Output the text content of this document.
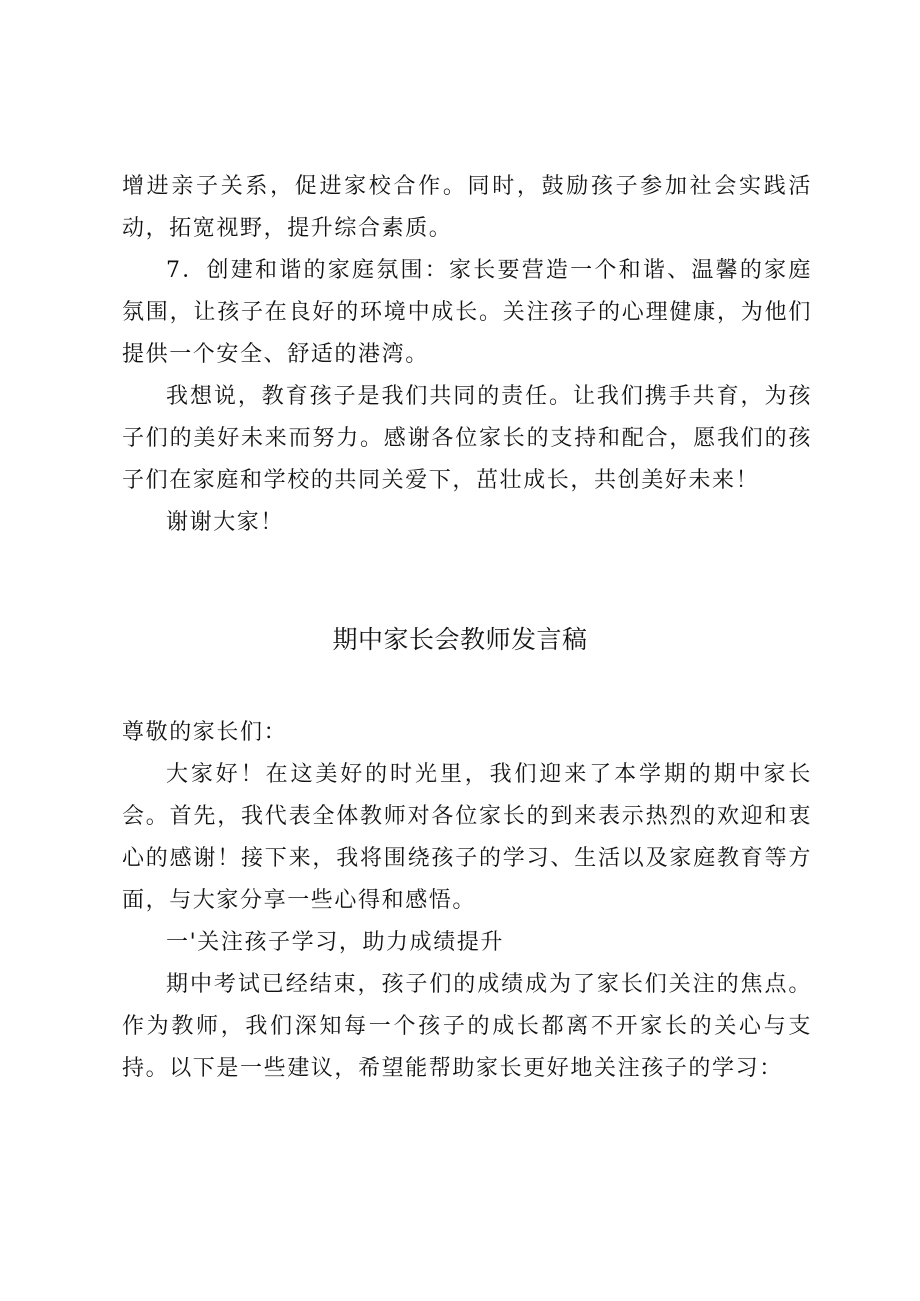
增进亲子关系，促进家校合作。同时，鼓励孩子参加社会实践活动，拓宽视野，提升综合素质。

7．创建和谐的家庭氛围：家长要营造一个和谐、温馨的家庭氛围，让孩子在良好的环境中成长。关注孩子的心理健康，为他们提供一个安全、舒适的港湾。

我想说，教育孩子是我们共同的责任。让我们携手共育，为孩子们的美好未来而努力。感谢各位家长的支持和配合，愿我们的孩子们在家庭和学校的共同关爱下，茁壮成长，共创美好未来！

谢谢大家！

期中家长会教师发言稿

尊敬的家长们：

大家好！在这美好的时光里，我们迎来了本学期的期中家长会。首先，我代表全体教师对各位家长的到来表示热烈的欢迎和衷心的感谢！接下来，我将围绕孩子的学习、生活以及家庭教育等方面，与大家分享一些心得和感悟。

一'关注孩子学习，助力成绩提升

期中考试已经结束，孩子们的成绩成为了家长们关注的焦点。作为教师，我们深知每一个孩子的成长都离不开家长的关心与支持。以下是一些建议，希望能帮助家长更好地关注孩子的学习：
